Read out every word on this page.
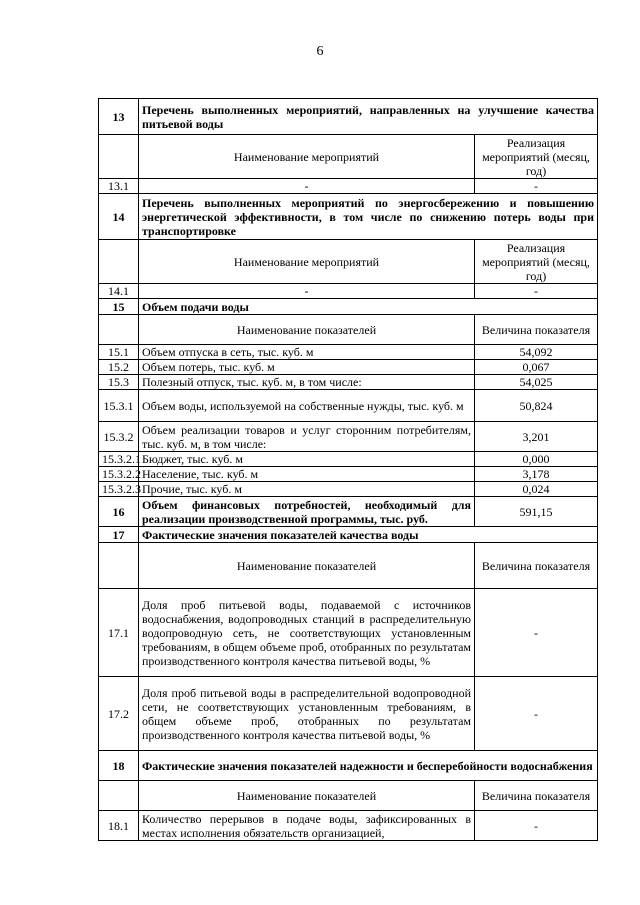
6
13	Перечень выполненных мероприятий, направленных на улучшение качества питьевой воды	
	Наименование мероприятий	Реализация мероприятий (месяц, год)
13.1	-	-
14	Перечень выполненных мероприятий по энергосбережению и повышению энергетической эффективности, в том числе по снижению потерь воды при транспортировке	
	Наименование мероприятий	Реализация мероприятий (месяц, год)
14.1	-	-
15	Объем подачи воды	
	Наименование показателей	Величина показателя
15.1	Объем отпуска в сеть, тыс. куб. м	54,092
15.2	Объем потерь, тыс. куб. м	0,067
15.3	Полезный отпуск, тыс. куб. м, в том числе:	54,025
15.3.1	Объем воды, используемой на собственные нужды, тыс. куб. м	50,824
15.3.2	Объем реализации товаров и услуг сторонним потребителям, тыс. куб. м, в том числе:	3,201
15.3.2.1	Бюджет, тыс. куб. м	0,000
15.3.2.2	Население, тыс. куб. м	3,178
15.3.2.3	Прочие, тыс. куб. м	0,024
16	Объем финансовых потребностей, необходимый для реализации производственной программы, тыс. руб.	591,15
17	Фактические значения показателей качества воды	
	Наименование показателей	Величина показателя
17.1	Доля проб питьевой воды, подаваемой с источников водоснабжения, водопроводных станций в распределительную водопроводную сеть, не соответствующих установленным требованиям, в общем объеме проб, отобранных по результатам производственного контроля качества питьевой воды, %	-
17.2	Доля проб питьевой воды в распределительной водопроводной сети, не соответствующих установленным требованиям, в общем объеме проб, отобранных по результатам производственного контроля качества питьевой воды, %	-
18	Фактические значения показателей надежности и бесперебойности водоснабжения	
	Наименование показателей	Величина показателя
18.1	Количество перерывов в подаче воды, зафиксированных в местах исполнения обязательств организацией,	-
